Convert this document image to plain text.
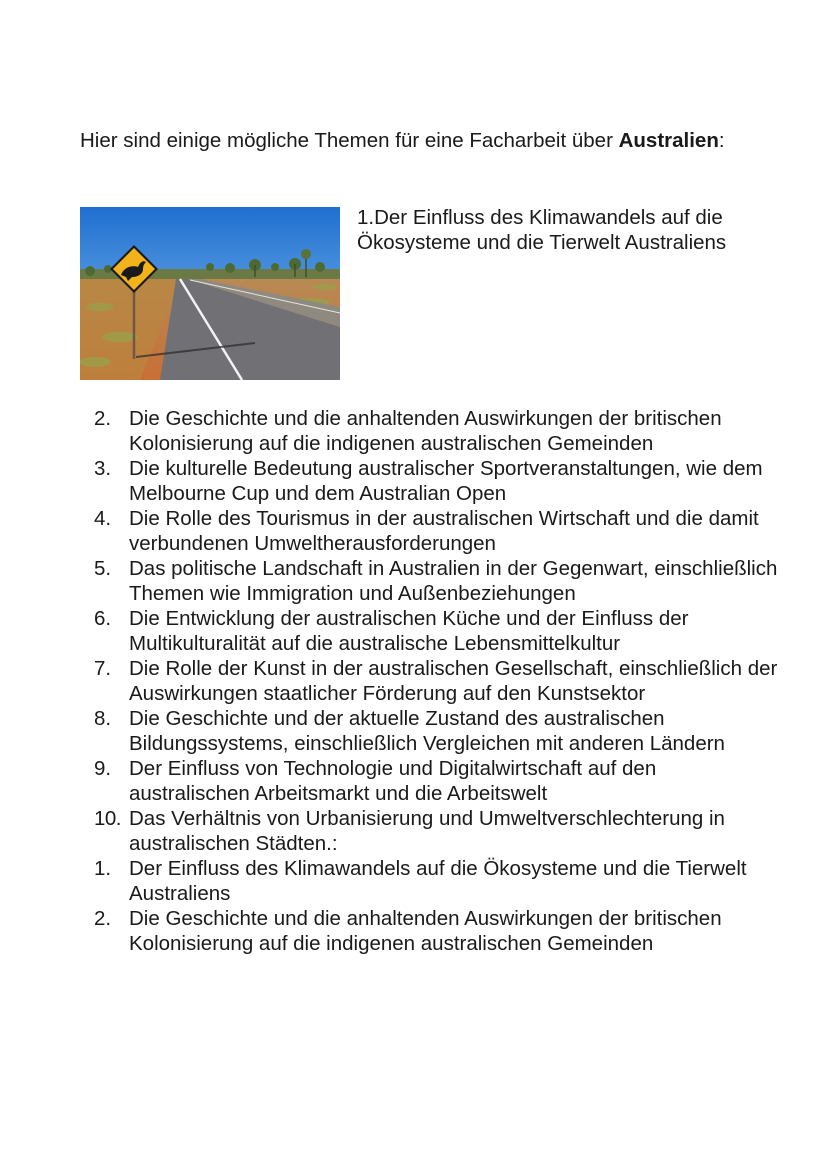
Hier sind einige mögliche Themen für eine Facharbeit über Australien:
1.Der Einfluss des Klimawandels auf die Ökosysteme und die Tierwelt Australiens
2. Die Geschichte und die anhaltenden Auswirkungen der britischen Kolonisierung auf die indigenen australischen Gemeinden
3. Die kulturelle Bedeutung australischer Sportveranstaltungen, wie dem Melbourne Cup und dem Australian Open
4. Die Rolle des Tourismus in der australischen Wirtschaft und die damit verbundenen Umweltherausforderungen
5. Das politische Landschaft in Australien in der Gegenwart, einschließlich Themen wie Immigration und Außenbeziehungen
6. Die Entwicklung der australischen Küche und der Einfluss der Multikulturalität auf die australische Lebensmittelkultur
7. Die Rolle der Kunst in der australischen Gesellschaft, einschließlich der Auswirkungen staatlicher Förderung auf den Kunstsektor
8. Die Geschichte und der aktuelle Zustand des australischen Bildungssystems, einschließlich Vergleichen mit anderen Ländern
9. Der Einfluss von Technologie und Digitalwirtschaft auf den australischen Arbeitsmarkt und die Arbeitswelt
10. Das Verhältnis von Urbanisierung und Umweltverschlechterung in australischen Städten.:
1. Der Einfluss des Klimawandels auf die Ökosysteme und die Tierwelt Australiens
2. Die Geschichte und die anhaltenden Auswirkungen der britischen Kolonisierung auf die indigenen australischen Gemeinden
